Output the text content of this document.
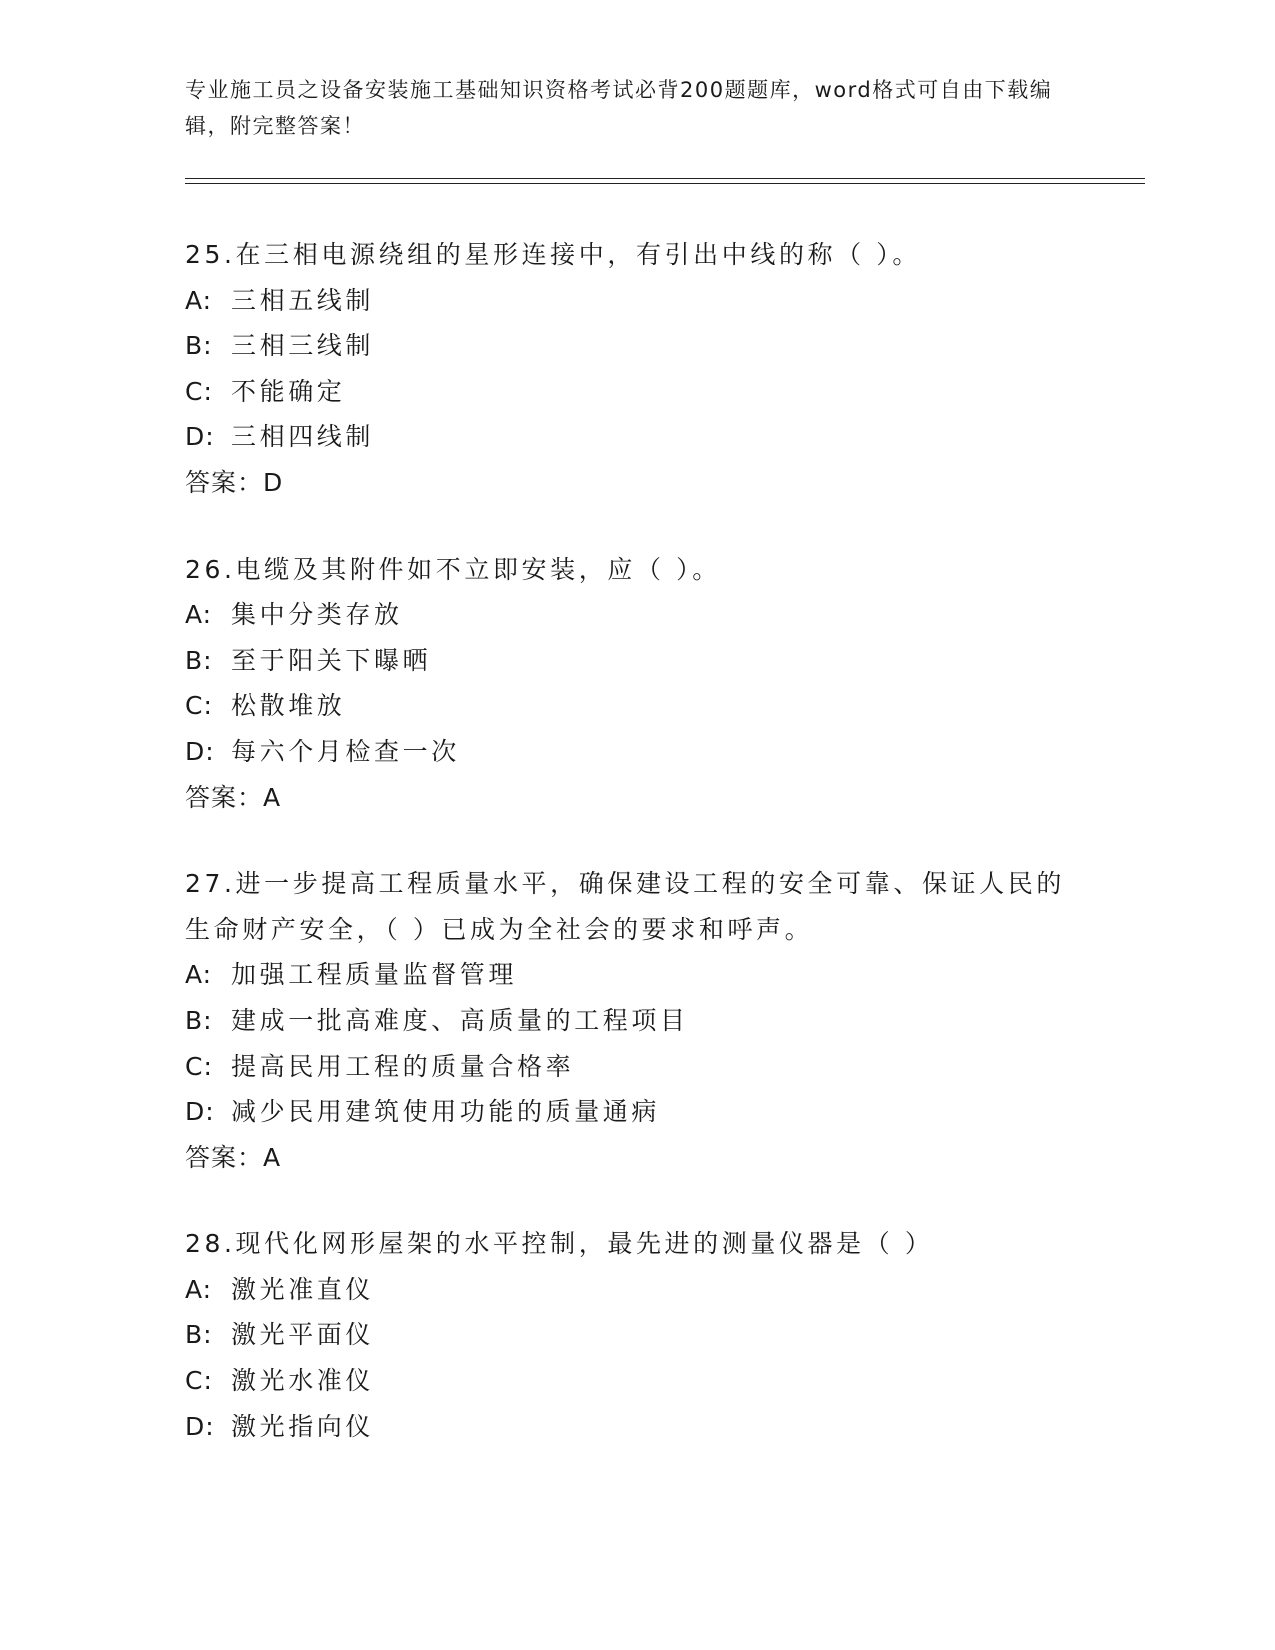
专业施工员之设备安装施工基础知识资格考试必背200题题库，word格式可自由下载编辑，附完整答案！

25.在三相电源绕组的星形连接中，有引出中线的称（ ）。

A: 三相五线制

B: 三相三线制

C: 不能确定

D: 三相四线制

答案：D

26.电缆及其附件如不立即安装，应（ ）。

A: 集中分类存放

B: 至于阳关下曝晒

C: 松散堆放

D: 每六个月检查一次

答案：A

27.进一步提高工程质量水平，确保建设工程的安全可靠、保证人民的生命财产安全，（ ）已成为全社会的要求和呼声。

A: 加强工程质量监督管理

B: 建成一批高难度、高质量的工程项目

C: 提高民用工程的质量合格率

D: 减少民用建筑使用功能的质量通病

答案：A

28.现代化网形屋架的水平控制，最先进的测量仪器是（ ）

A: 激光准直仪

B: 激光平面仪

C: 激光水准仪

D: 激光指向仪
